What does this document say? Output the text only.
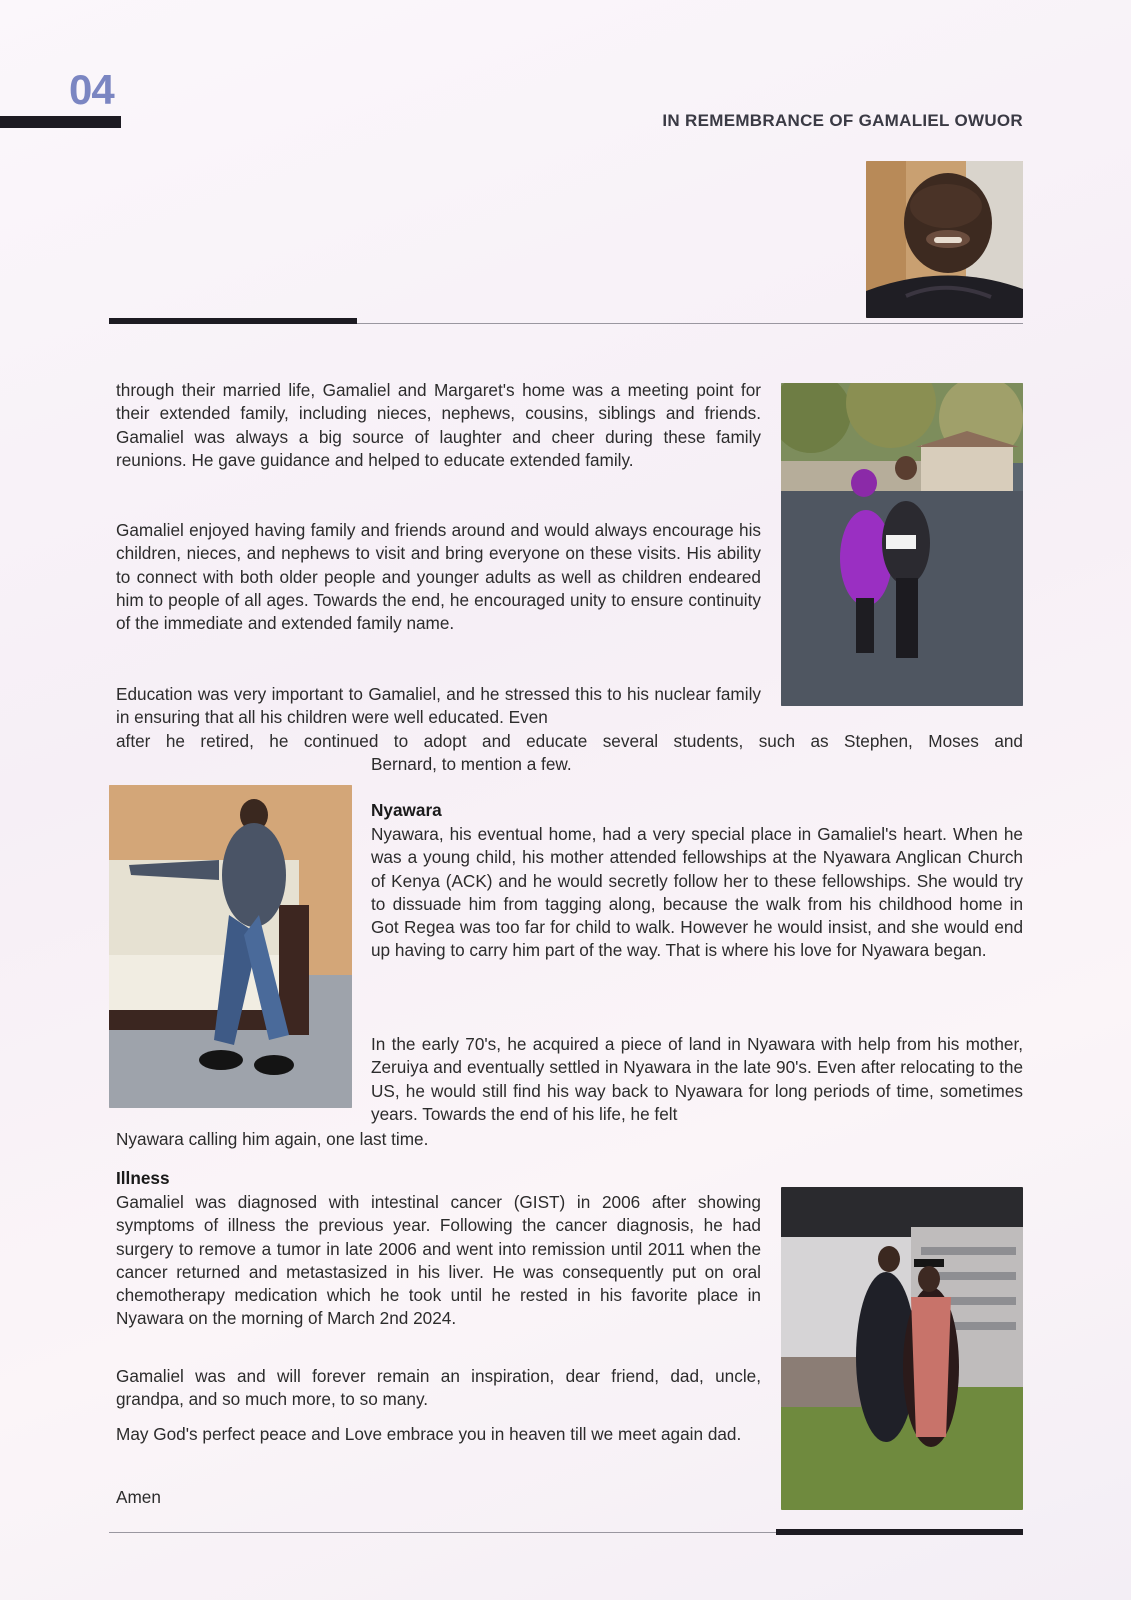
04
IN REMEMBRANCE OF GAMALIEL OWUOR
through their married life, Gamaliel and Margaret's home was a meeting point for their extended family, including nieces, nephews, cousins, siblings and friends. Gamaliel was always a big source of laughter and cheer during these family reunions. He gave guidance and helped to educate extended family.
Gamaliel enjoyed having family and friends around and would always encourage his children, nieces, and nephews to visit and bring everyone on these visits. His ability to connect with both older people and younger adults as well as children endeared him to people of all ages. Towards the end, he encouraged unity to ensure continuity of the immediate and extended family name.
Education was very important to Gamaliel, and he stressed this to his nuclear family in ensuring that all his children were well educated. Even
after he retired, he continued to adopt and educate several students, such as Stephen, Moses and
Bernard, to mention a few.
Nyawara
Nyawara, his eventual home, had a very special place in Gamaliel's heart. When he was a young child, his mother attended fellowships at the Nyawara Anglican Church of Kenya (ACK) and he would secretly follow her to these fellowships. She would try to dissuade him from tagging along, because the walk from his childhood home in Got Regea was too far for child to walk. However he would insist, and she would end up having to carry him part of the way. That is where his love for Nyawara began.
In the early 70's, he acquired a piece of land in Nyawara with help from his mother, Zeruiya and eventually settled in Nyawara in the late 90's. Even after relocating to the US, he would still find his way back to Nyawara for long periods of time, sometimes years. Towards the end of his life, he felt
Nyawara calling him again, one last time.
Illness
Gamaliel was diagnosed with intestinal cancer (GIST) in 2006 after showing symptoms of illness the previous year. Following the cancer diagnosis, he had surgery to remove a tumor in late 2006 and went into remission until 2011 when the cancer returned and metastasized in his liver. He was consequently put on oral chemotherapy medication which he took until he rested in his favorite place in Nyawara on the morning of March 2nd 2024.
Gamaliel was and will forever remain an inspiration, dear friend, dad, uncle, grandpa, and so much more, to so many.
May God's perfect peace and Love embrace you in heaven till we meet again dad.
Amen
